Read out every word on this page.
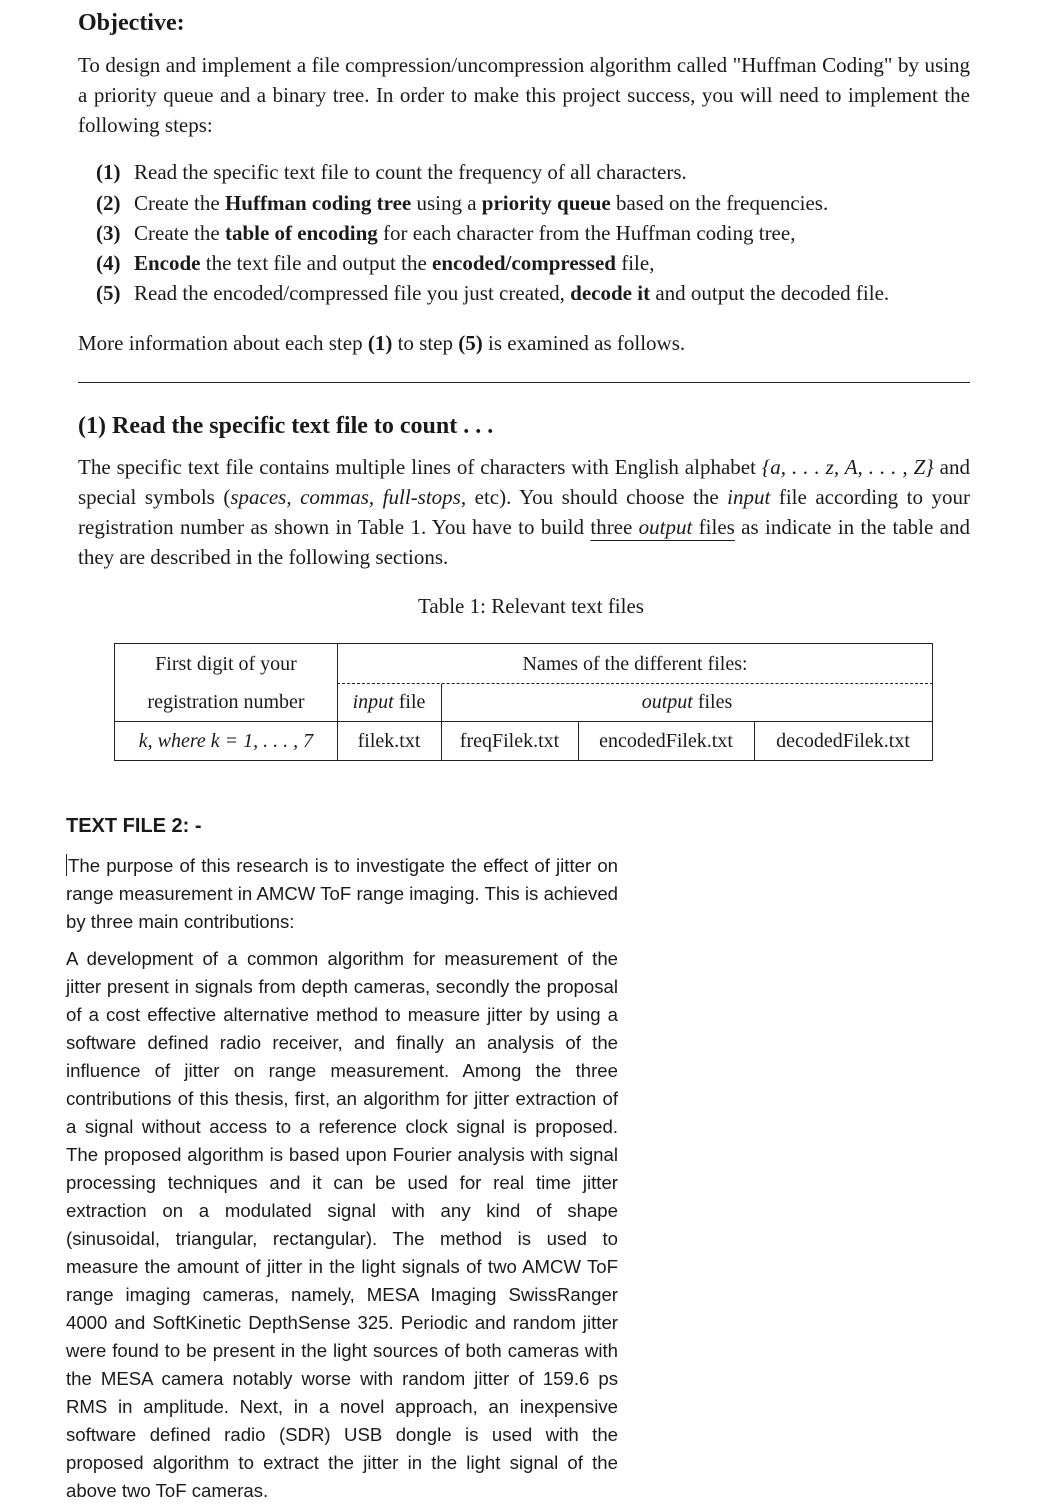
Objective:
To design and implement a file compression/uncompression algorithm called "Huffman Coding" by using a priority queue and a binary tree. In order to make this project success, you will need to implement the following steps:
(1) Read the specific text file to count the frequency of all characters.
(2) Create the Huffman coding tree using a priority queue based on the frequencies.
(3) Create the table of encoding for each character from the Huffman coding tree,
(4) Encode the text file and output the encoded/compressed file,
(5) Read the encoded/compressed file you just created, decode it and output the decoded file.
More information about each step (1) to step (5) is examined as follows.
(1) Read the specific text file to count . . .
The specific text file contains multiple lines of characters with English alphabet {a, . . . z, A, . . . , Z} and special symbols (spaces, commas, full-stops, etc). You should choose the input file according to your registration number as shown in Table 1. You have to build three output files as indicate in the table and they are described in the following sections.
Table 1: Relevant text files
First digit of your
registration number
Names of the different files:
input file	output files
k, where k = 1, . . . , 7	filek.txt	freqFilek.txt	encodedFilek.txt	decodedFilek.txt
TEXT FILE 2: -
The purpose of this research is to investigate the effect of jitter on range measurement in AMCW ToF range imaging. This is achieved by three main contributions:
A development of a common algorithm for measurement of the jitter present in signals from depth cameras, secondly the proposal of a cost effective alternative method to measure jitter by using a software defined radio receiver, and finally an analysis of the influence of jitter on range measurement. Among the three contributions of this thesis, first, an algorithm for jitter extraction of a signal without access to a reference clock signal is proposed. The proposed algorithm is based upon Fourier analysis with signal processing techniques and it can be used for real time jitter extraction on a modulated signal with any kind of shape (sinusoidal, triangular, rectangular). The method is used to measure the amount of jitter in the light signals of two AMCW ToF range imaging cameras, namely, MESA Imaging SwissRanger 4000 and SoftKinetic DepthSense 325. Periodic and random jitter were found to be present in the light sources of both cameras with the MESA camera notably worse with random jitter of 159.6 ps RMS in amplitude. Next, in a novel approach, an inexpensive software defined radio (SDR) USB dongle is used with the proposed algorithm to extract the jitter in the light signal of the above two ToF cameras.
